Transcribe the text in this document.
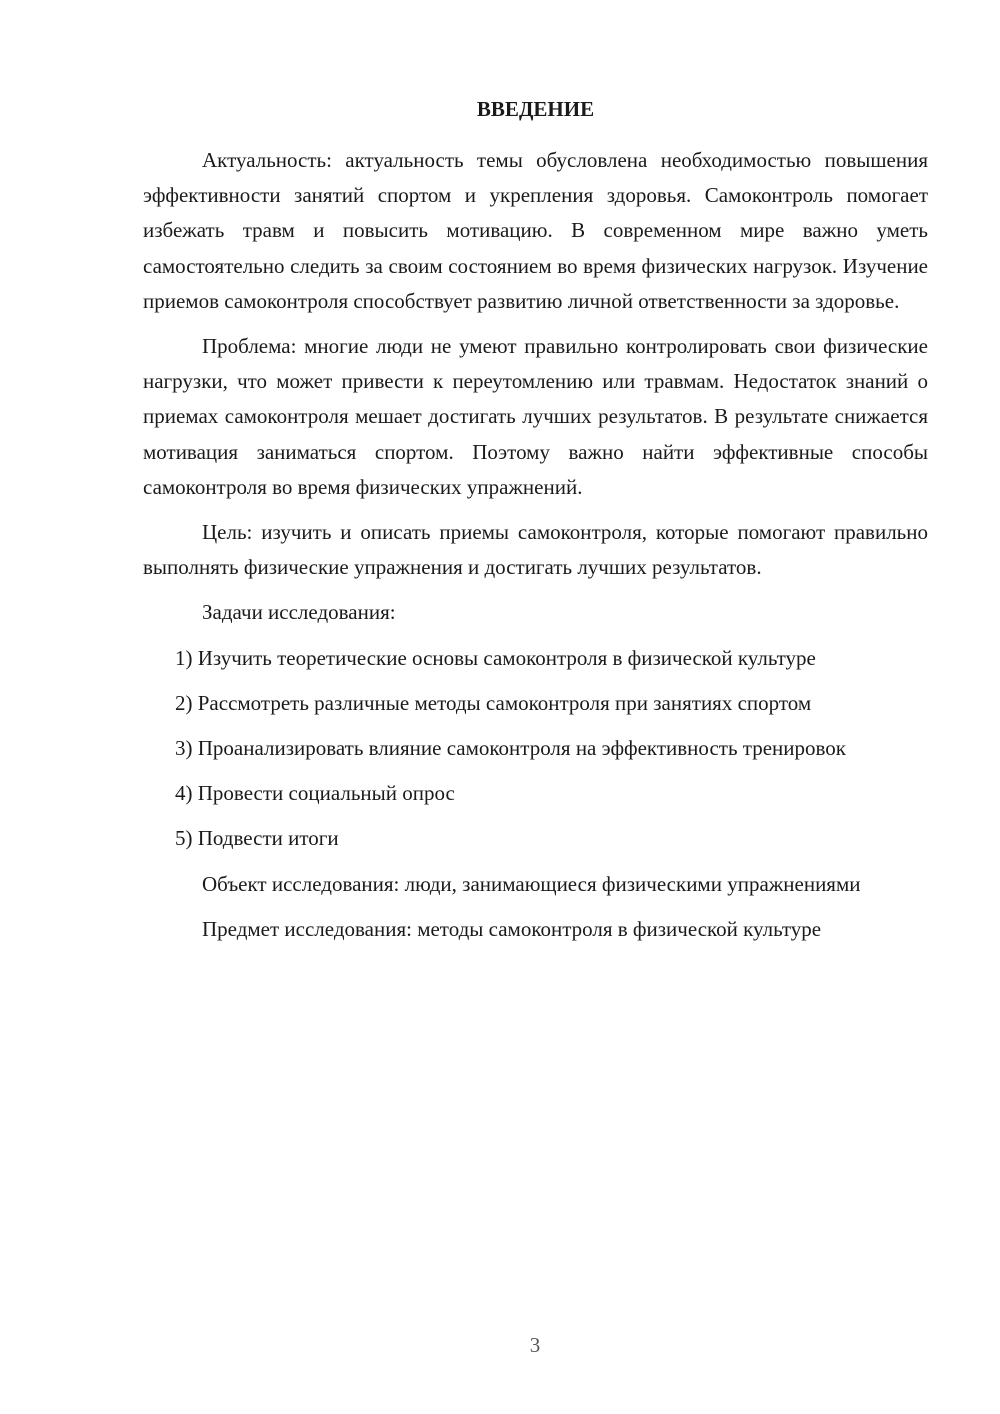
ВВЕДЕНИЕ

Актуальность: актуальность темы обусловлена необходимостью повышения эффективности занятий спортом и укрепления здоровья. Самоконтроль помогает избежать травм и повысить мотивацию. В современном мире важно уметь самостоятельно следить за своим состоянием во время физических нагрузок. Изучение приемов самоконтроля способствует развитию личной ответственности за здоровье.

Проблема: многие люди не умеют правильно контролировать свои физические нагрузки, что может привести к переутомлению или травмам. Недостаток знаний о приемах самоконтроля мешает достигать лучших результатов. В результате снижается мотивация заниматься спортом. Поэтому важно найти эффективные способы самоконтроля во время физических упражнений.

Цель: изучить и описать приемы самоконтроля, которые помогают правильно выполнять физические упражнения и достигать лучших результатов.

Задачи исследования:

1) Изучить теоретические основы самоконтроля в физической культуре

2) Рассмотреть различные методы самоконтроля при занятиях спортом

3) Проанализировать влияние самоконтроля на эффективность тренировок

4) Провести социальный опрос

5) Подвести итоги

Объект исследования: люди, занимающиеся физическими упражнениями

Предмет исследования: методы самоконтроля в физической культуре

3
